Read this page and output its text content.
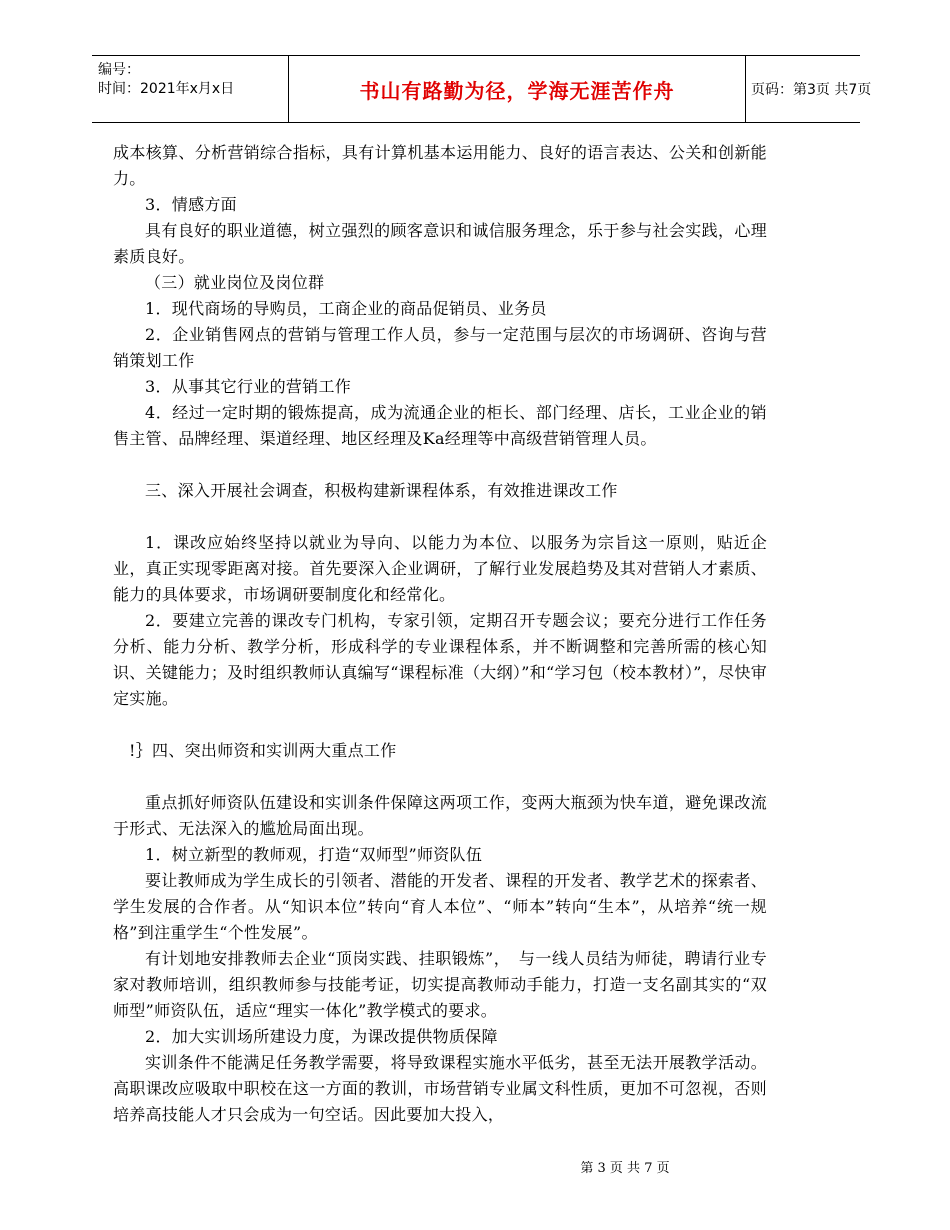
编号：
时间：2021年x月x日	书山有路勤为径，学海无涯苦作舟	页码：第3页 共7页

成本核算、分析营销综合指标，具有计算机基本运用能力、良好的语言表达、公关和创新能力。

3．情感方面

具有良好的职业道德，树立强烈的顾客意识和诚信服务理念，乐于参与社会实践，心理素质良好。

（三）就业岗位及岗位群

1．现代商场的导购员，工商企业的商品促销员、业务员

2．企业销售网点的营销与管理工作人员，参与一定范围与层次的市场调研、咨询与营销策划工作

3．从事其它行业的营销工作

4．经过一定时期的锻炼提高，成为流通企业的柜长、部门经理、店长，工业企业的销售主管、品牌经理、渠道经理、地区经理及Ka经理等中高级营销管理人员。

三、深入开展社会调查，积极构建新课程体系，有效推进课改工作

1．课改应始终坚持以就业为导向、以能力为本位、以服务为宗旨这一原则，贴近企业，真正实现零距离对接。首先要深入企业调研，了解行业发展趋势及其对营销人才素质、能力的具体要求，市场调研要制度化和经常化。

2．要建立完善的课改专门机构，专家引领，定期召开专题会议；要充分进行工作任务分析、能力分析、教学分析，形成科学的专业课程体系，并不断调整和完善所需的核心知识、关键能力；及时组织教师认真编写“课程标准（大纲）”和“学习包（校本教材）”，尽快审定实施。

!｝四、突出师资和实训两大重点工作

重点抓好师资队伍建设和实训条件保障这两项工作，变两大瓶颈为快车道，避免课改流于形式、无法深入的尴尬局面出现。

1．树立新型的教师观，打造“双师型”师资队伍

要让教师成为学生成长的引领者、潜能的开发者、课程的开发者、教学艺术的探索者、学生发展的合作者。从“知识本位”转向“育人本位”、“师本”转向“生本”，从培养“统一规格”到注重学生“个性发展”。

有计划地安排教师去企业“顶岗实践、挂职锻炼”，　与一线人员结为师徒，聘请行业专家对教师培训，组织教师参与技能考证，切实提高教师动手能力，打造一支名副其实的“双师型”师资队伍，适应“理实一体化”教学模式的要求。

2．加大实训场所建设力度，为课改提供物质保障

实训条件不能满足任务教学需要，将导致课程实施水平低劣，甚至无法开展教学活动。高职课改应吸取中职校在这一方面的教训，市场营销专业属文科性质，更加不可忽视，否则培养高技能人才只会成为一句空话。因此要加大投入，

第 3 页 共 7 页
